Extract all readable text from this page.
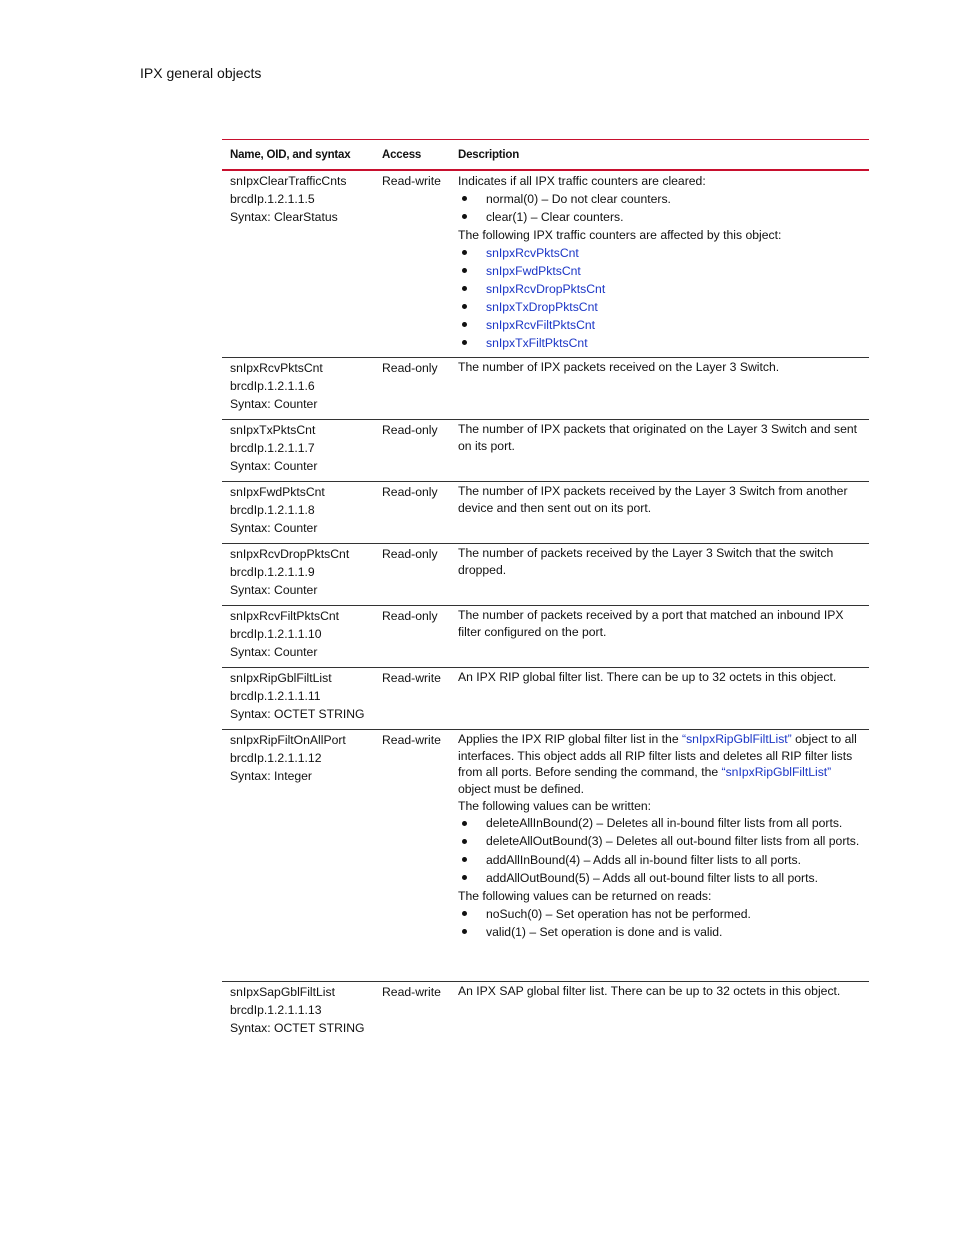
IPX general objects
Name, OID, and syntax	Access	Description
snIpxClearTrafficCnts
brcdIp.1.2.1.1.5
Syntax: ClearStatus
Read-write	Indicates if all IPX traffic counters are cleared:
normal(0) – Do not clear counters.
clear(1) – Clear counters.
The following IPX traffic counters are affected by this object:
snIpxRcvPktsCnt
snIpxFwdPktsCnt
snIpxRcvDropPktsCnt
snIpxTxDropPktsCnt
snIpxRcvFiltPktsCnt
snIpxTxFiltPktsCnt
snIpxRcvPktsCnt
brcdIp.1.2.1.1.6
Syntax: Counter
Read-only	The number of IPX packets received on the Layer 3 Switch.

snIpxTxPktsCnt
brcdIp.1.2.1.1.7
Syntax: Counter
Read-only	The number of IPX packets that originated on the Layer 3 Switch and sent on its port.

snIpxFwdPktsCnt
brcdIp.1.2.1.1.8
Syntax: Counter
Read-only	The number of IPX packets received by the Layer 3 Switch from another device and then sent out on its port.

snIpxRcvDropPktsCnt
brcdIp.1.2.1.1.9
Syntax: Counter
Read-only	The number of packets received by the Layer 3 Switch that the switch dropped.

snIpxRcvFiltPktsCnt
brcdIp.1.2.1.1.10
Syntax: Counter
Read-only	The number of packets received by a port that matched an inbound IPX filter configured on the port.

snIpxRipGblFiltList
brcdIp.1.2.1.1.11
Syntax: OCTET STRING
Read-write	An IPX RIP global filter list. There can be up to 32 octets in this object.

snIpxRipFiltOnAllPort
brcdIp.1.2.1.1.12
Syntax: Integer
Read-write	Applies the IPX RIP global filter list in the “snIpxRipGblFiltList” object to all interfaces. This object adds all RIP filter lists and deletes all RIP filter lists from all ports. Before sending the command, the “snIpxRipGblFiltList” object must be defined.

The following values can be written:
deleteAllInBound(2) – Deletes all in-bound filter lists from all ports.
deleteAllOutBound(3) – Deletes all out-bound filter lists from all ports.
addAllInBound(4) – Adds all in-bound filter lists to all ports.
addAllOutBound(5) – Adds all out-bound filter lists to all ports.
The following values can be returned on reads:
noSuch(0) – Set operation has not be performed.
valid(1) – Set operation is done and is valid.
snIpxSapGblFiltList
brcdIp.1.2.1.1.13
Syntax: OCTET STRING
Read-write	An IPX SAP global filter list. There can be up to 32 octets in this object.
